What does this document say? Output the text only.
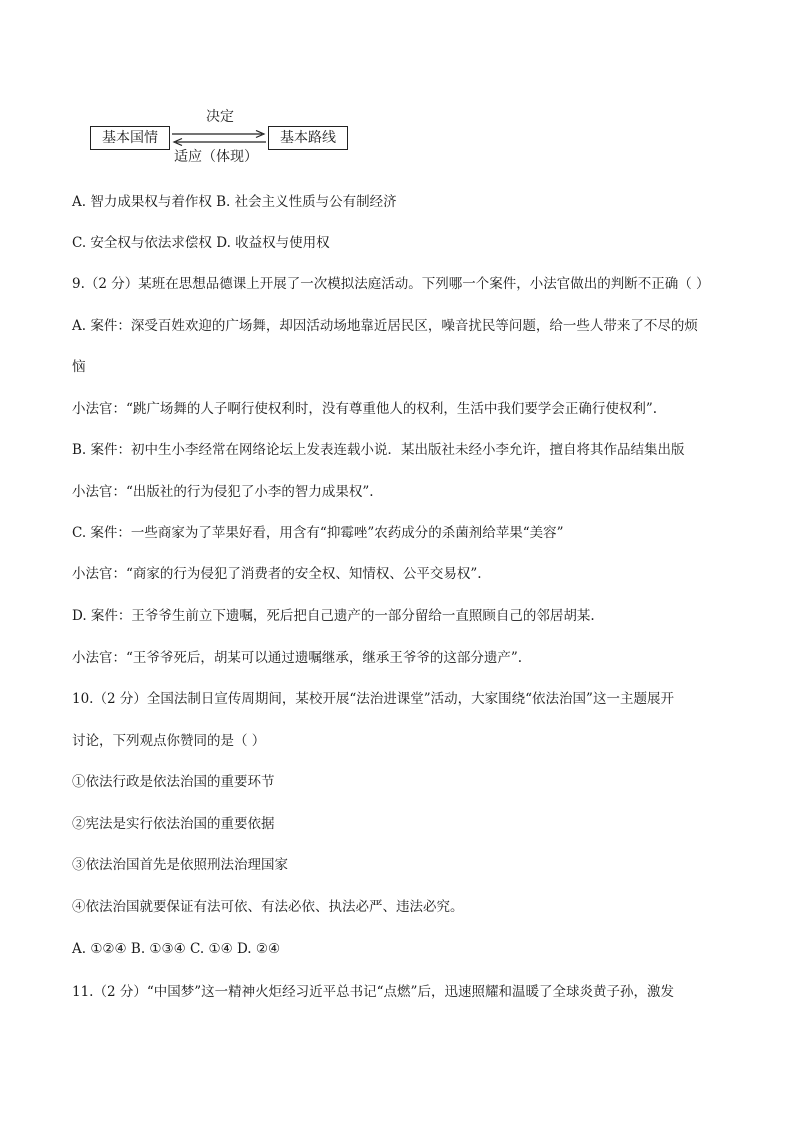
决定
基本国情	基本路线
适应（体现）
A. 智力成果权与着作权 B. 社会主义性质与公有制经济
C. 安全权与依法求偿权 D. 收益权与使用权
9.（2 分）某班在思想品德课上开展了一次模拟法庭活动。下列哪一个案件，小法官做出的判断不正确（ ）
A. 案件：深受百姓欢迎的广场舞，却因活动场地靠近居民区，噪音扰民等问题，给一些人带来了不尽的烦
恼
小法官：“跳广场舞的人子啊行使权利时，没有尊重他人的权利，生活中我们要学会正确行使权利”.
B. 案件：初中生小李经常在网络论坛上发表连载小说．某出版社未经小李允许，擅自将其作品结集出版
小法官：“出版社的行为侵犯了小李的智力成果权”.
C. 案件：一些商家为了苹果好看，用含有“抑霉唑”农药成分的杀菌剂给苹果“美容”
小法官：“商家的行为侵犯了消费者的安全权、知情权、公平交易权”.
D. 案件：王爷爷生前立下遗嘱，死后把自己遗产的一部分留给一直照顾自己的邻居胡某.
小法官：“王爷爷死后，胡某可以通过遗嘱继承，继承王爷爷的这部分遗产”.
10.（2 分）全国法制日宣传周期间，某校开展“法治进课堂”活动，大家围绕“依法治国”这一主题展开
讨论，下列观点你赞同的是（ ）
①依法行政是依法治国的重要环节
②宪法是实行依法治国的重要依据
③依法治国首先是依照刑法治理国家
④依法治国就要保证有法可依、有法必依、执法必严、违法必究。
A. ①②④ B. ①③④ C. ①④ D. ②④
11.（2 分）“中国梦”这一精神火炬经习近平总书记“点燃”后，迅速照耀和温暖了全球炎黄子孙，激发
